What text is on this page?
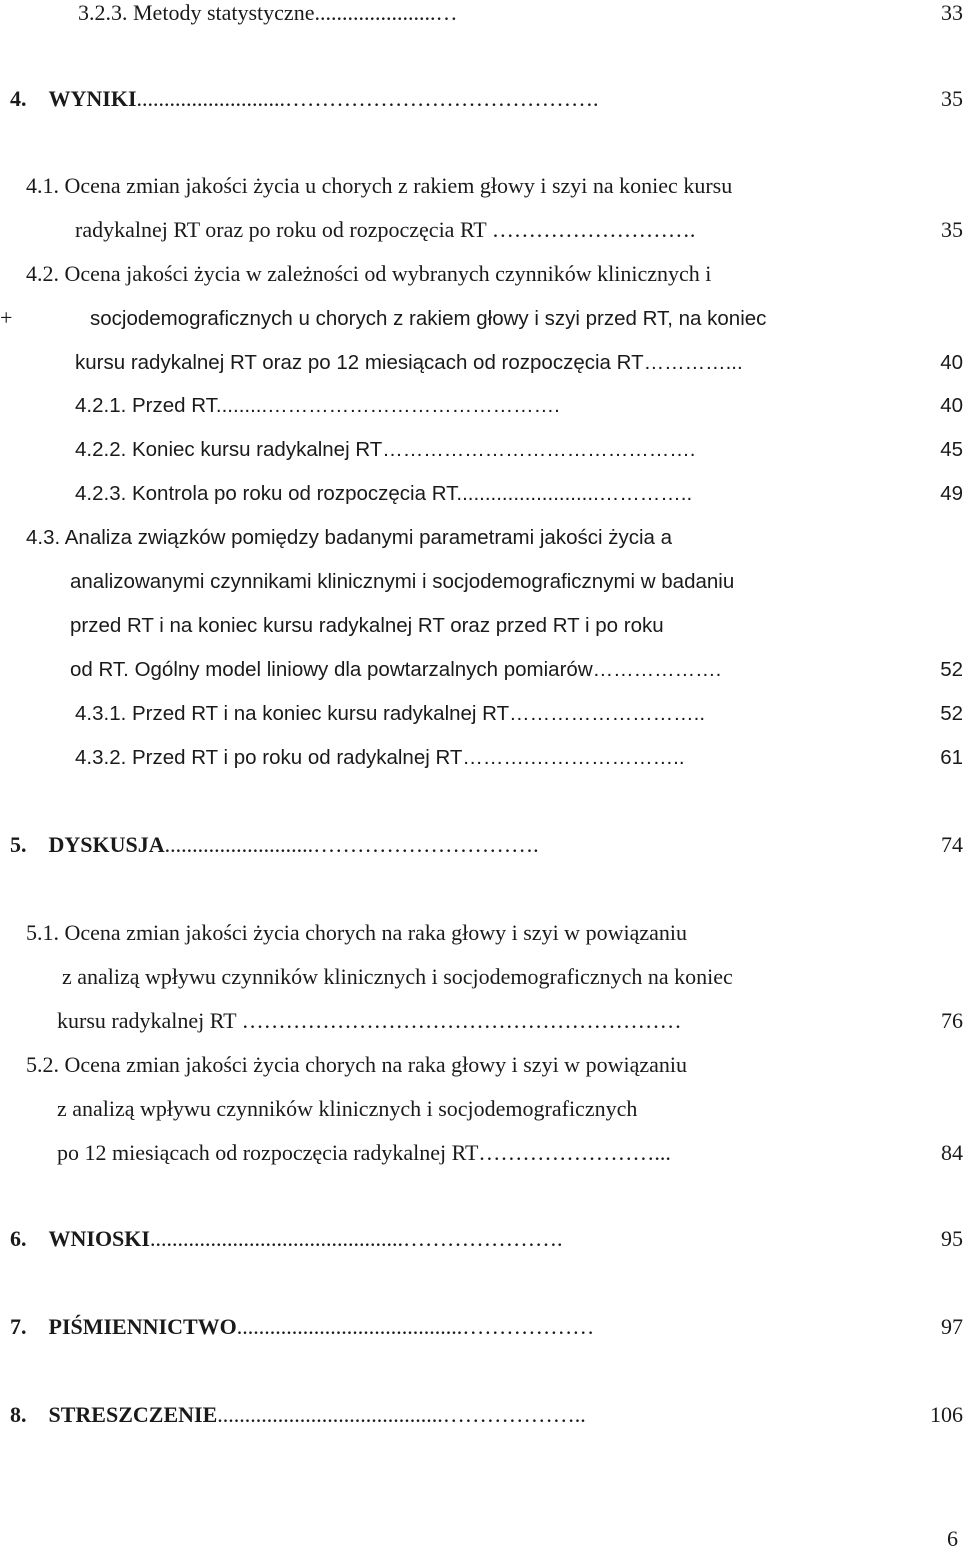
3.2.3. Metody statystyczne......................…	33
4. WYNIKI...........................…………………………………….	35
4.1. Ocena zmian jakości życia u chorych z rakiem głowy i szyi na koniec kursu
radykalnej RT oraz po roku od rozpoczęcia RT ……………………….	35
4.2. Ocena jakości życia w zależności od wybranych czynników klinicznych i
+	socjodemograficznych u chorych z rakiem głowy i szyi przed RT, na koniec
kursu radykalnej RT oraz po 12 miesiącach od rozpoczęcia RT…………...	40
4.2.1. Przed RT.........…………………………………….	40
4.2.2. Koniec kursu radykalnej RT……………………………………….	45
4.2.3. Kontrola po roku od rozpoczęcia RT.........................…………..	49
4.3. Analiza związków pomiędzy badanymi parametrami jakości życia a
analizowanymi czynnikami klinicznymi i socjodemograficznymi w badaniu
przed RT i na koniec kursu radykalnej RT oraz przed RT i po roku
od RT. Ogólny model liniowy dla powtarzalnych pomiarów……………….	52
4.3.1. Przed RT i na koniec kursu radykalnej RT………………………..	52
4.3.2. Przed RT i po roku od radykalnej RT……….…………………..	61
5. DYSKUSJA...........................………………………….	74
5.1. Ocena zmian jakości życia chorych na raka głowy i szyi w powiązaniu
z analizą wpływu czynników klinicznych i socjodemograficznych na koniec
kursu radykalnej RT ……………………………………………………	76
5.2. Ocena zmian jakości życia chorych na raka głowy i szyi w powiązaniu
z analizą wpływu czynników klinicznych i socjodemograficznych
po 12 miesiącach od rozpoczęcia radykalnej RT……………………...	84
6. WNIOSKI..............................................………………….	95
7. PIŚMIENNICTWO.........................................………………	97
8. STRESZCZENIE.........................................………………..	106
6
